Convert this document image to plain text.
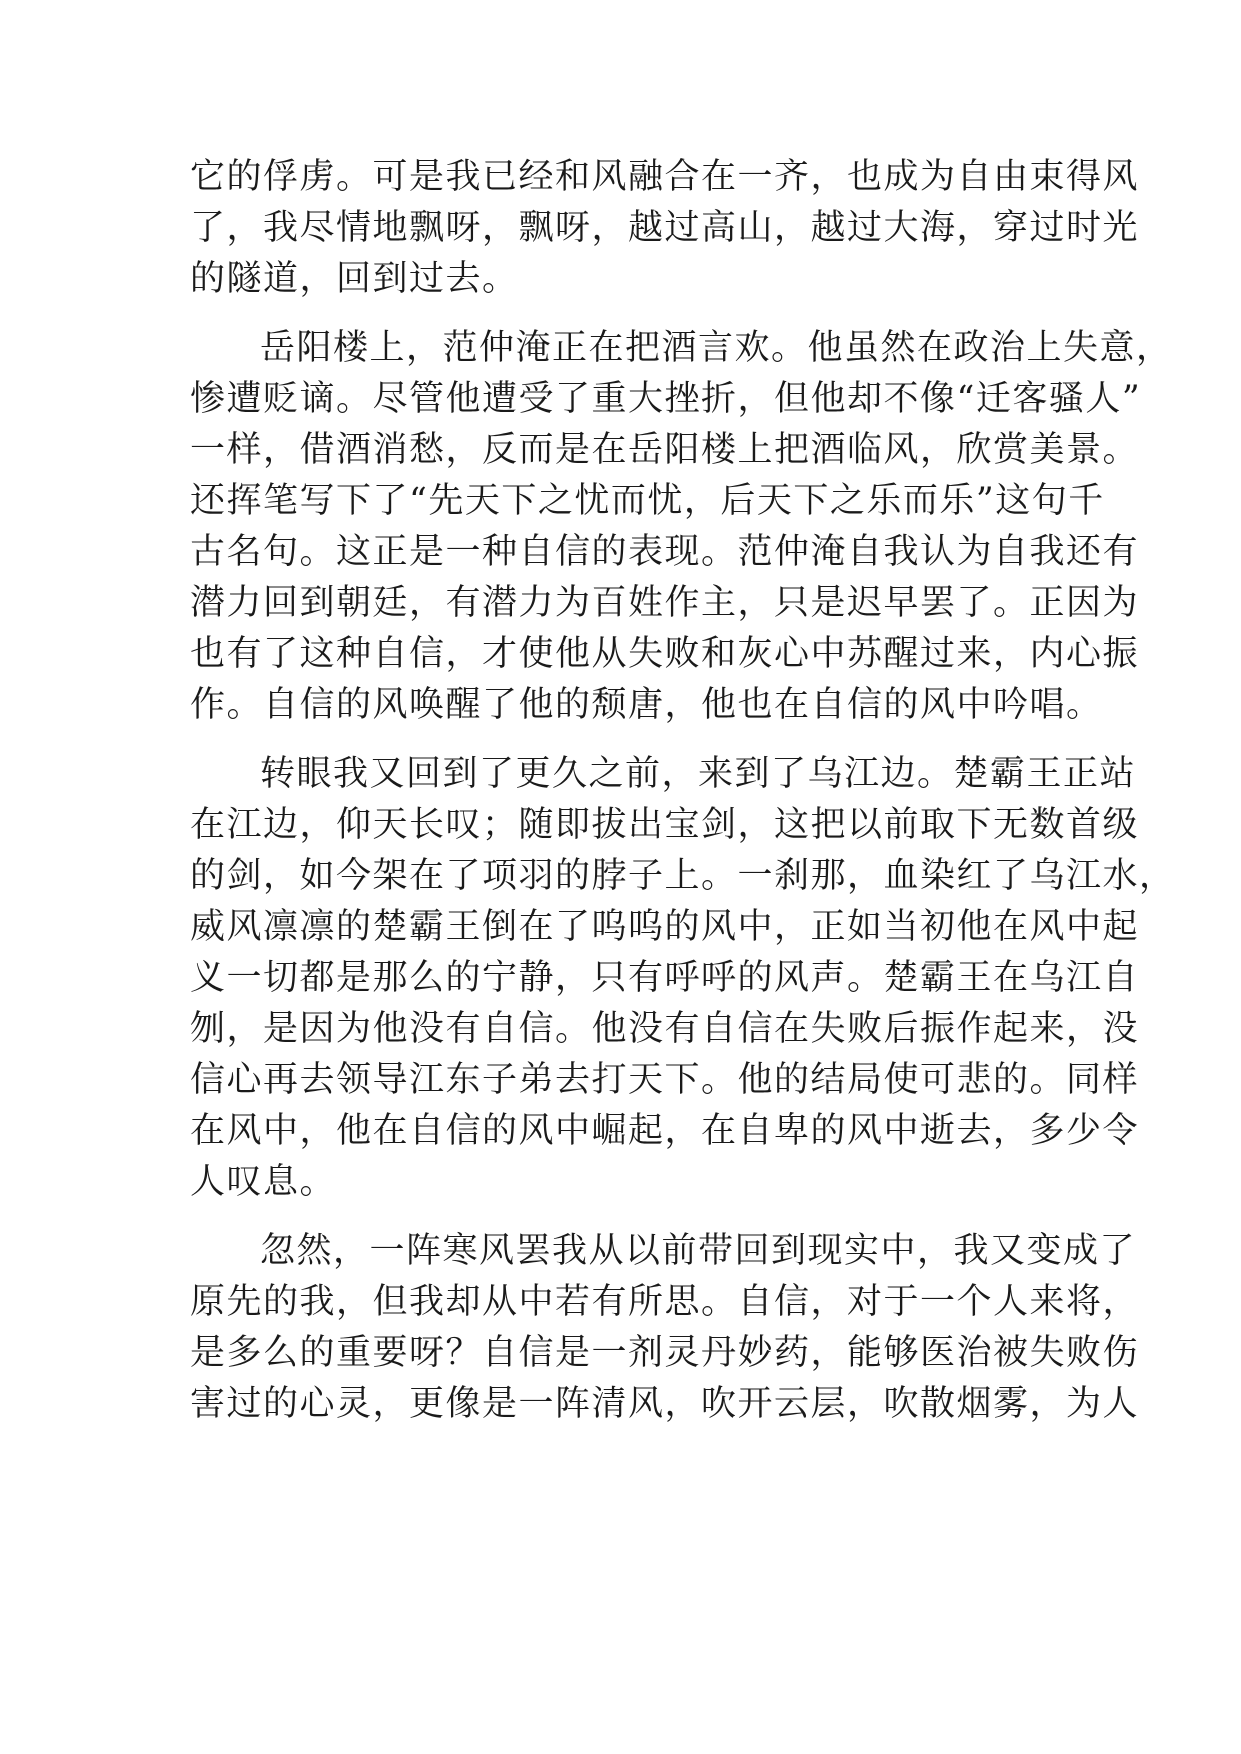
它的俘虏。可是我已经和风融合在一齐，也成为自由束得风
了，我尽情地飘呀，飘呀，越过高山，越过大海，穿过时光
的隧道，回到过去。
岳阳楼上，范仲淹正在把酒言欢。他虽然在政治上失意，
惨遭贬谪。尽管他遭受了重大挫折，但他却不像“迁客骚人”
一样，借酒消愁，反而是在岳阳楼上把酒临风，欣赏美景。
还挥笔写下了“先天下之忧而忧，后天下之乐而乐”这句千
古名句。这正是一种自信的表现。范仲淹自我认为自我还有
潜力回到朝廷，有潜力为百姓作主，只是迟早罢了。正因为
也有了这种自信，才使他从失败和灰心中苏醒过来，内心振
作。自信的风唤醒了他的颓唐，他也在自信的风中吟唱。
转眼我又回到了更久之前，来到了乌江边。楚霸王正站
在江边，仰天长叹；随即拔出宝剑，这把以前取下无数首级
的剑，如今架在了项羽的脖子上。一刹那，血染红了乌江水，
威风凛凛的楚霸王倒在了呜呜的风中，正如当初他在风中起
义一切都是那么的宁静，只有呼呼的风声。楚霸王在乌江自
刎，是因为他没有自信。他没有自信在失败后振作起来，没
信心再去领导江东子弟去打天下。他的结局使可悲的。同样
在风中，他在自信的风中崛起，在自卑的风中逝去，多少令
人叹息。
忽然，一阵寒风罢我从以前带回到现实中，我又变成了
原先的我，但我却从中若有所思。自信，对于一个人来将，
是多么的重要呀？自信是一剂灵丹妙药，能够医治被失败伤
害过的心灵，更像是一阵清风，吹开云层，吹散烟雾，为人
